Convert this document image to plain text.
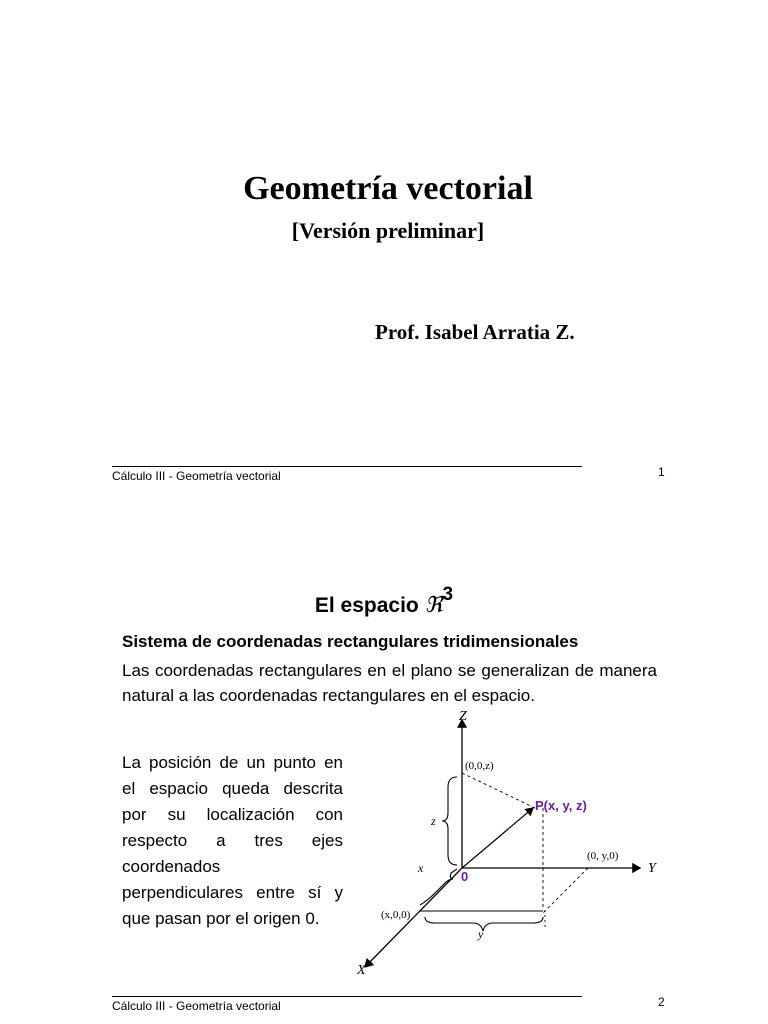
Geometría vectorial
[Versión preliminar]
Prof. Isabel Arratia Z.
Cálculo III - Geometría vectorial	1
El espacio ℜ$^3$
Sistema de coordenadas rectangulares tridimensionales
Las coordenadas rectangulares en el plano se generalizan de manera natural a las coordenadas rectangulares en el espacio.
La posición de un punto en el espacio queda descrita por su localización con respecto a tres ejes coordenados perpendiculares entre sí y que pasan por el origen 0.
Z
Y
X
(0,0,z)
(0, y,0)
(x,0,0)
P(x, y, z)
0
z
x
y
Cálculo III - Geometría vectorial	2
